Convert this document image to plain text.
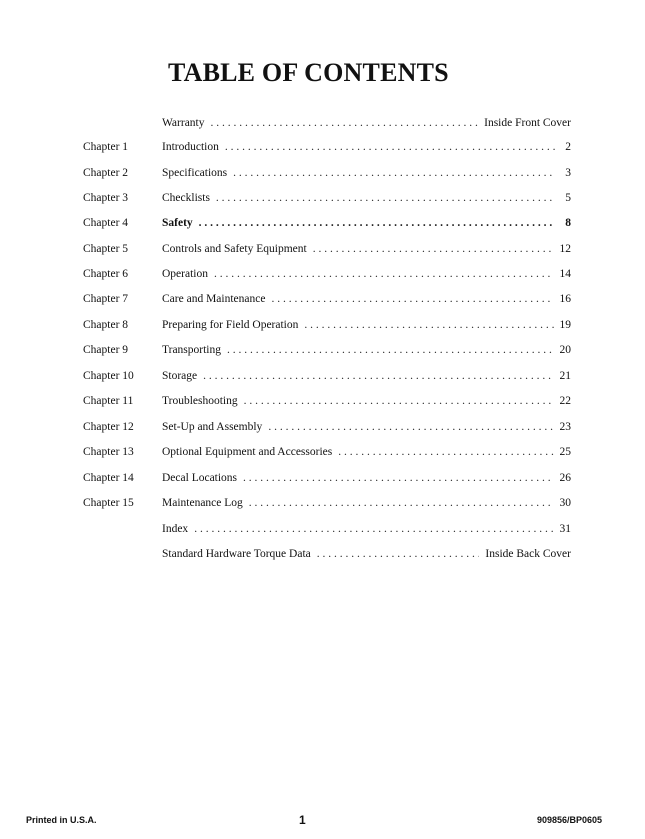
TABLE OF CONTENTS
Warranty . . .	Inside Front Cover
Chapter 1	Introduction . . .	2
Chapter 2	Specifications . . .	3
Chapter 3	Checklists . . .	5
Chapter 4	Safety . . .	8
Chapter 5	Controls and Safety Equipment . . .	12
Chapter 6	Operation . . .	14
Chapter 7	Care and Maintenance . . .	16
Chapter 8	Preparing for Field Operation . . .	19
Chapter 9	Transporting . . .	20
Chapter 10 Storage . . .	21
Chapter 11 Troubleshooting . . .	22
Chapter 12 Set-Up and Assembly . . .	23
Chapter 13 Optional Equipment and Accessories . . .	25
Chapter 14 Decal Locations . . .	26
Chapter 15 Maintenance Log . . .	30
Index . . .	31
Standard Hardware Torque Data . . .	Inside Back Cover
Printed in U.S.A.	1	909856/BP0605
